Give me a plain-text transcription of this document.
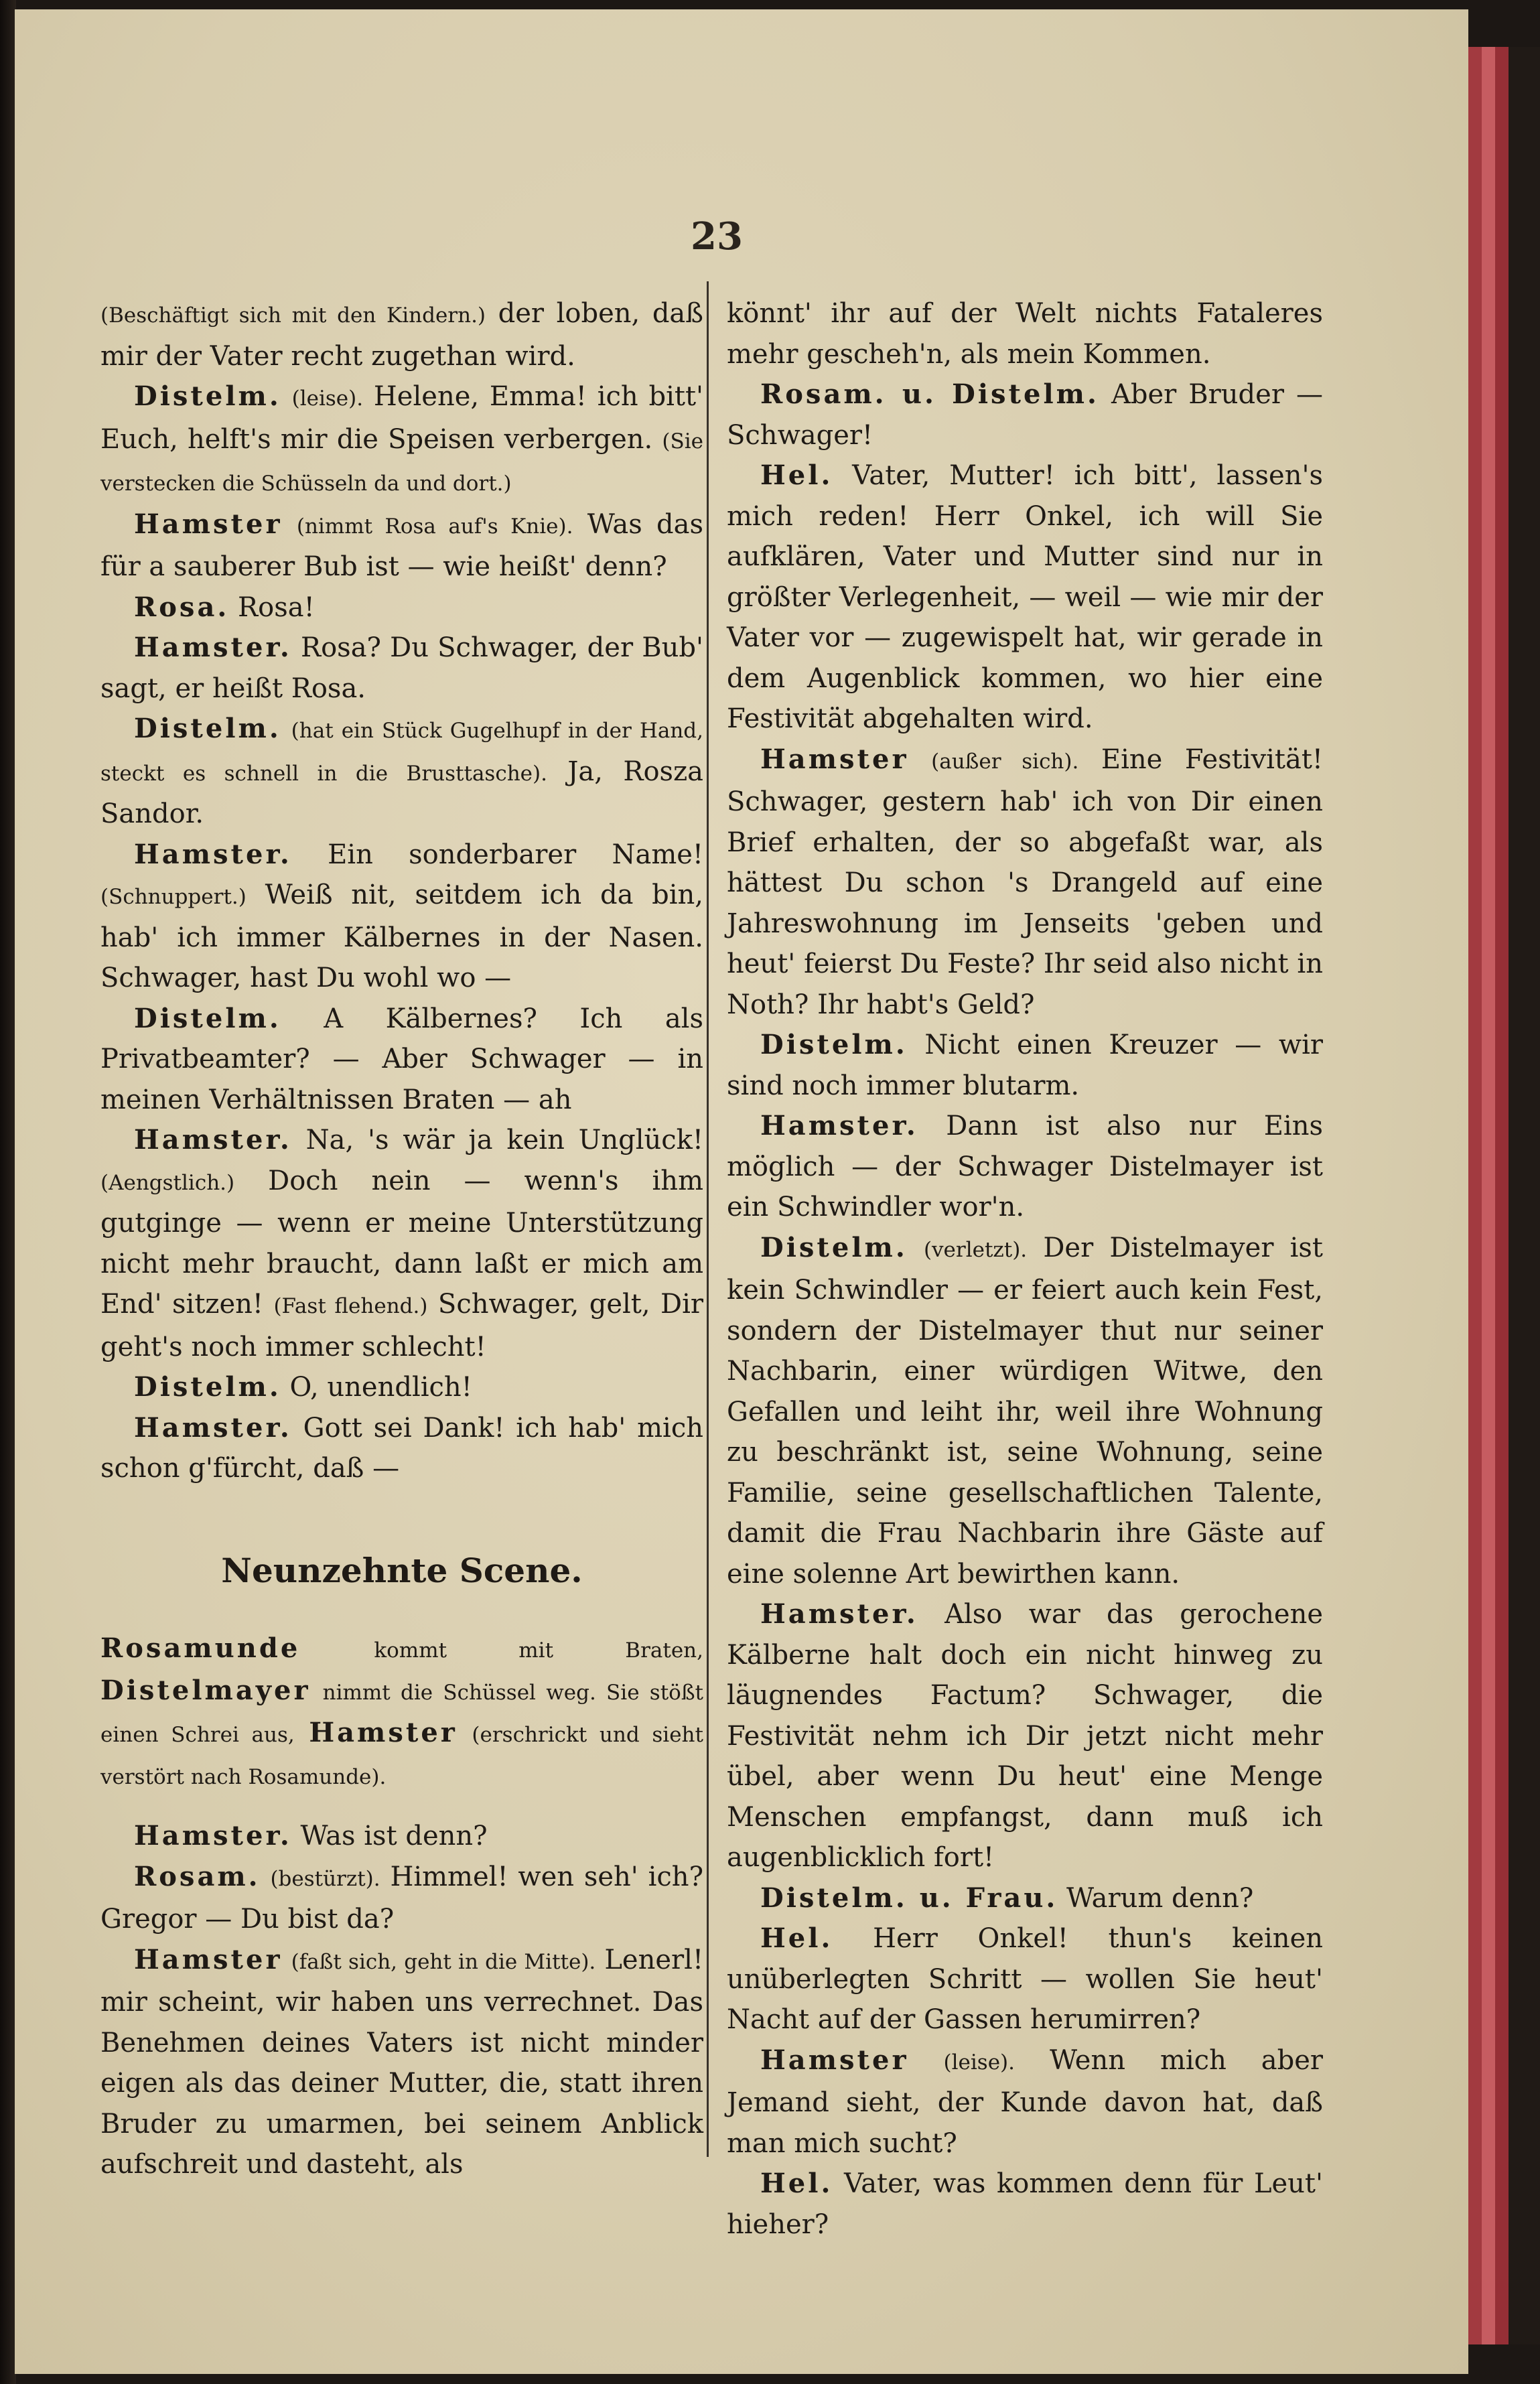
23

(Beschäftigt sich mit den Kindern.) der loben, daß mir der Vater recht zugethan wird.

Distelm. (leise). Helene, Emma! ich bitt' Euch, helft's mir die Speisen verbergen. (Sie verstecken die Schüsseln da und dort.)

Hamster (nimmt Rosa auf's Knie). Was das für a sauberer Bub ist — wie heißt' denn?

Rosa. Rosa!

Hamster. Rosa? Du Schwager, der Bub' sagt, er heißt Rosa.

Distelm. (hat ein Stück Gugelhupf in der Hand, steckt es schnell in die Brusttasche). Ja, Rosza Sandor.

Hamster. Ein sonderbarer Name! (Schnuppert.) Weiß nit, seitdem ich da bin, hab' ich immer Kälbernes in der Nasen. Schwager, hast Du wohl wo —

Distelm. A Kälbernes? Ich als Privatbeamter? — Aber Schwager — in meinen Verhältnissen Braten — ah

Hamster. Na, 's wär ja kein Unglück! (Aengstlich.) Doch nein — wenn's ihm gutginge — wenn er meine Unterstützung nicht mehr braucht, dann laßt er mich am End' sitzen! (Fast flehend.) Schwager, gelt, Dir geht's noch immer schlecht!

Distelm. O, unendlich!

Hamster. Gott sei Dank! ich hab' mich schon g'fürcht, daß —

Neunzehnte Scene.

Rosamunde	kommt mit Braten, Distelmayer nimmt die Schüssel weg. Sie stößt einen Schrei aus, Hamster (erschrickt und sieht verstört nach Rosamunde).

Hamster. Was ist denn?

Rosam. (bestürzt). Himmel! wen seh' ich? Gregor — Du bist da?

Hamster (faßt sich, geht in die Mitte). Lenerl! mir scheint, wir haben uns verrechnet. Das Benehmen deines Vaters ist nicht minder eigen als das deiner Mutter, die, statt ihren Bruder zu umarmen, bei seinem Anblick aufschreit und dasteht, als

könnt' ihr auf der Welt nichts Fataleres mehr gescheh'n, als mein Kommen.

Rosam. u. Distelm. Aber Bruder — Schwager!

Hel. Vater, Mutter! ich bitt', lassen's mich reden! Herr Onkel, ich will Sie aufklären, Vater und Mutter sind nur in größter Verlegenheit, — weil — wie mir der Vater vor — zugewispelt hat, wir gerade in dem Augenblick kommen, wo hier eine Festivität abgehalten wird.

Hamster (außer sich). Eine Festivität! Schwager, gestern hab' ich von Dir einen Brief erhalten, der so abgefaßt war, als hättest Du schon 's Drangeld auf eine Jahreswohnung im Jenseits 'geben und heut' feierst Du Feste? Ihr seid also nicht in Noth? Ihr habt's Geld?

Distelm. Nicht einen Kreuzer — wir sind noch immer blutarm.

Hamster. Dann ist also nur Eins möglich — der Schwager Distelmayer ist ein Schwindler wor'n.

Distelm. (verletzt). Der Distelmayer ist kein Schwindler — er feiert auch kein Fest, sondern der Distelmayer thut nur seiner Nachbarin, einer würdigen Witwe, den Gefallen und leiht ihr, weil ihre Wohnung zu beschränkt ist, seine Wohnung, seine Familie, seine gesellschaftlichen Talente, damit die Frau Nachbarin ihre Gäste auf eine solenne Art bewirthen kann.

Hamster. Also war das gerochene Kälberne halt doch ein nicht hinweg zu läugnendes Factum? Schwager, die Festivität nehm ich Dir jetzt nicht mehr übel, aber wenn Du heut' eine Menge Menschen empfangst, dann muß ich augenblicklich fort!

Distelm. u. Frau. Warum denn?

Hel. Herr Onkel! thun's keinen unüberlegten Schritt — wollen Sie heut' Nacht auf der Gassen herumirren?

Hamster (leise). Wenn mich aber Jemand sieht, der Kunde davon hat, daß man mich sucht?

Hel. Vater, was kommen denn für Leut' hieher?
